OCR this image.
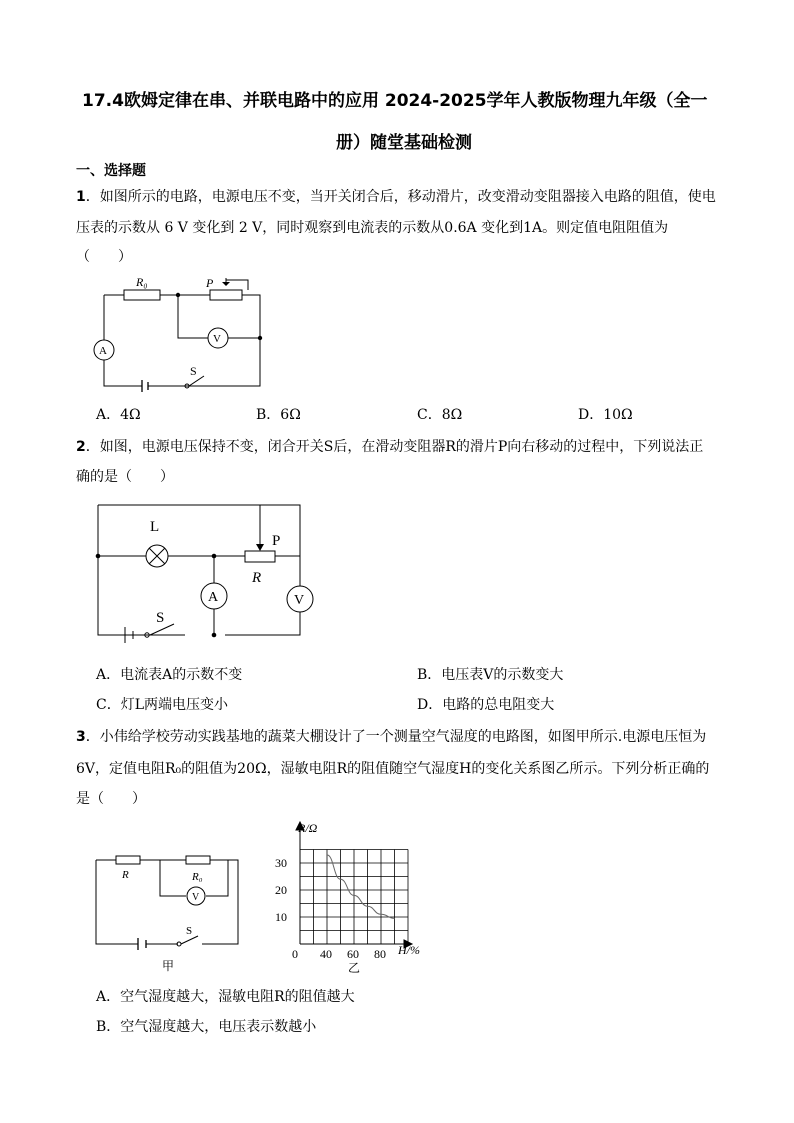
17.4欧姆定律在串、并联电路中的应用 2024-2025学年人教版物理九年级（全一
册）随堂基础检测
一、选择题
1．如图所示的电路，电源电压不变，当开关闭合后，移动滑片，改变滑动变阻器接入电路的阻值，使电
压表的示数从 6 V 变化到 2 V，同时观察到电流表的示数从0.6A 变化到1A。则定值电阻阻值为
（　　）
R₀	P
V
A
S
A．4Ω	B．6Ω	C．8Ω	D．10Ω
2．如图，电源电压保持不变，闭合开关S后，在滑动变阻器R的滑片P向右移动的过程中，下列说法正
确的是（　　）
L
P
R
A	V
S
A．电流表A的示数不变	B．电压表V的示数变大
C．灯L两端电压变小	D．电路的总电阻变大
3．小伟给学校劳动实践基地的蔬菜大棚设计了一个测量空气湿度的电路图，如图甲所示.电源电压恒为
6V，定值电阻R₀的阻值为20Ω，湿敏电阻R的阻值随空气湿度H的变化关系图乙所示。下列分析正确的
是（　　）
R	R₀
V
S
甲
0 40 60 80
30
20
10
R/Ω
H/%
乙
A．空气湿度越大，湿敏电阻R的阻值越大
B．空气湿度越大，电压表示数越小
